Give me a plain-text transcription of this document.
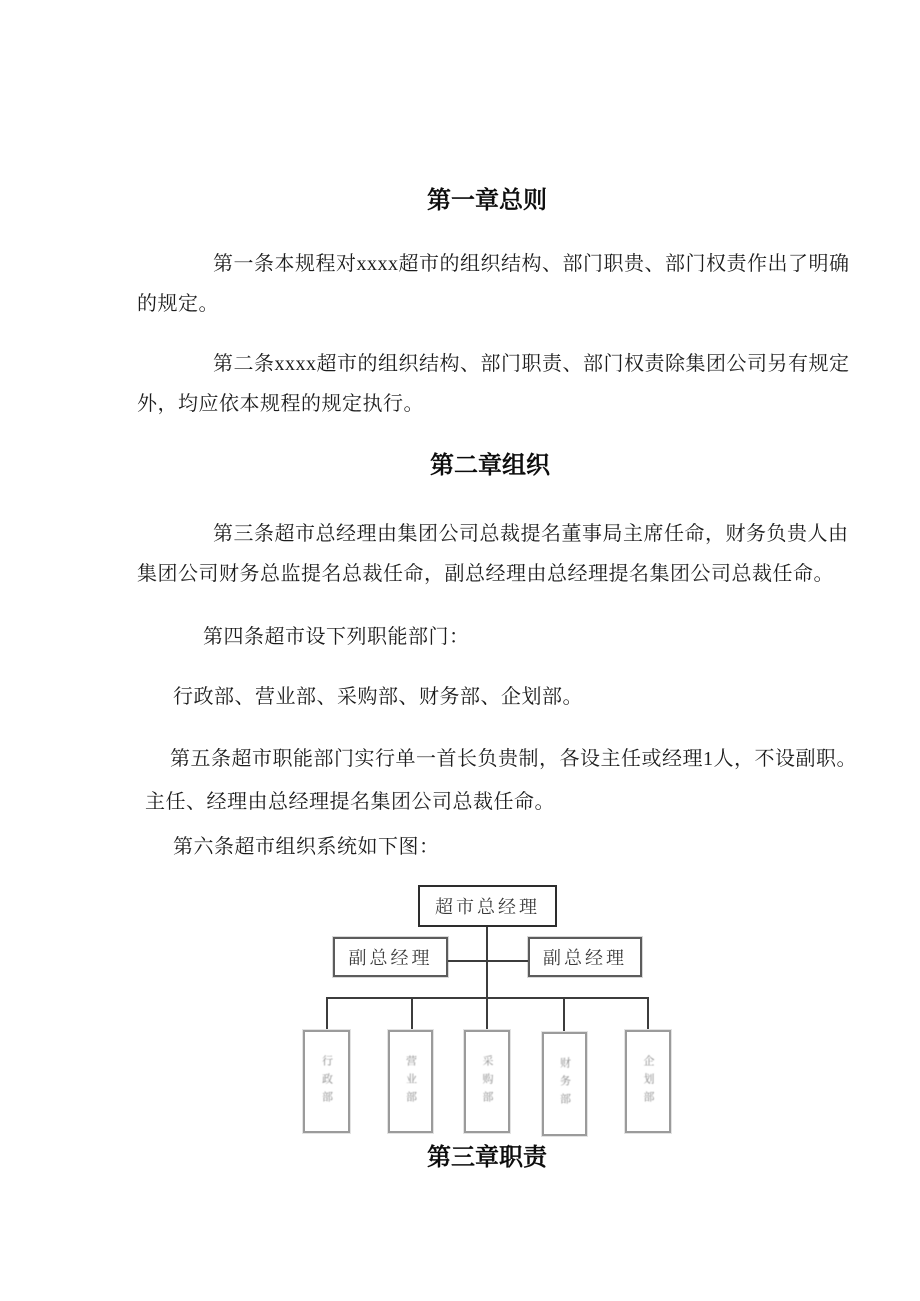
第一章总则
第一条本规程对xxxx超市的组织结构、部门职贵、部门权责作出了明确
的规定。
第二条xxxx超市的组织结构、部门职责、部门权责除集团公司另有规定
外，均应依本规程的规定执行。
第二章组织
第三条超市总经理由集团公司总裁提名董事局主席任命，财务负贵人由
集团公司财务总监提名总裁任命，副总经理由总经理提名集团公司总裁任命。
第四条超市设下列职能部门：
行政部、营业部、采购部、财务部、企划部。
第五条超市职能部门实行单一首长负贵制，各设主任或经理1人，不设副职。
主任、经理由总经理提名集团公司总裁任命。
第六条超市组织系统如下图：
超市总经理
副总经理	副总经理
行政部	营业部	采购部	财务部	企划部
第三章职责
